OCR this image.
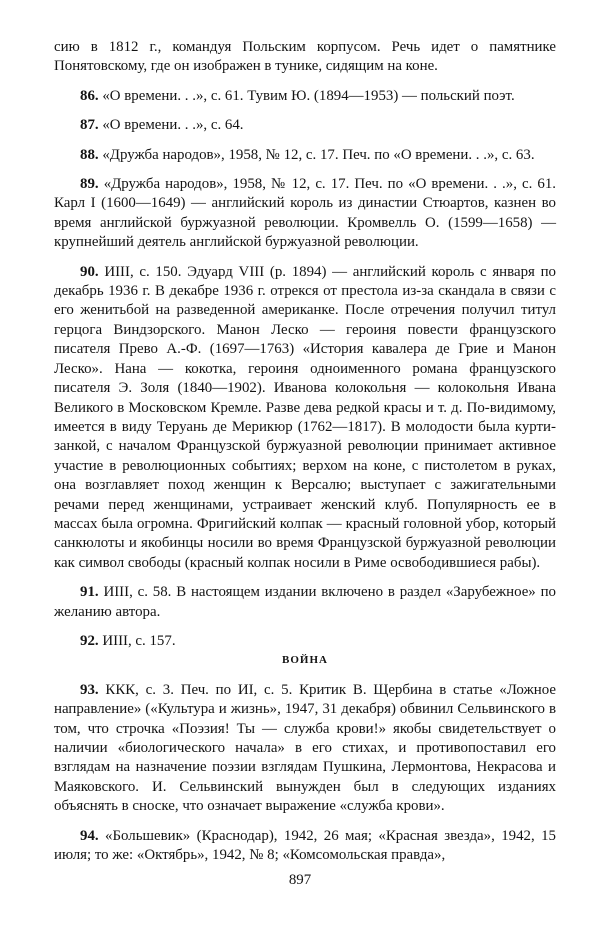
сию в 1812 г., командуя Польским корпусом. Речь идет о памятнике Понятовскому, где он изображен в тунике, сидящим на коне.

86. «О времени. . .», с. 61. Тувим Ю. (1894—1953) — польский поэт.

87. «О времени. . .», с. 64.

88. «Дружба народов», 1958, № 12, с. 17. Печ. по «О времени. . .», с. 63.

89. «Дружба народов», 1958, № 12, с. 17. Печ. по «О времени. . .», с. 61. Карл I (1600—1649) — английский король из династии Стюартов, казнен во время английской буржуазной революции. Кромвелль О. (1599—1658) — крупнейший деятель английской буржуазной революции.

90. ИIII, с. 150. Эдуард VIII (р. 1894) — английский король с января по декабрь 1936 г. В декабре 1936 г. отрекся от престола из-за скандала в связи с его женитьбой на разведенной американке. После отречения получил титул герцога Виндзорского. Манон Леско — героиня повести французского писателя Прево А.-Ф. (1697—1763) «История кавалера де Грие и Манон Леско». Нана — кокотка, героиня одноименного романа французского писателя Э. Золя (1840—1902). Иванова колокольня — колокольня Ивана Великого в Московском Кремле. Разве дева редкой красы и т. д. По-видимому, имеется в виду Теруань де Мерикюр (1762—1817). В молодости была куртизанкой, с началом Французской буржуазной революции принимает активное участие в революционных событиях; верхом на коне, с пистолетом в руках, она возглавляет поход женщин к Версалю; выступает с зажигательными речами перед женщинами, устраивает женский клуб. Популярность ее в массах была огромна. Фригийский колпак — красный головной убор, который санкюлоты и якобинцы носили во время Французской буржуазной революции как символ свободы (красный колпак носили в Риме освободившиеся рабы).

91. ИIII, с. 58. В настоящем издании включено в раздел «Зарубежное» по желанию автора.

92. ИIII, с. 157.

ВОЙНА

93. ККК, с. 3. Печ. по ИI, с. 5. Критик В. Щербина в статье «Ложное направление» («Культура и жизнь», 1947, 31 декабря) обвинил Сельвинского в том, что строчка «Поэзия! Ты — служба крови!» якобы свидетельствует о наличии «биологического начала» в его стихах, и противопоставил его взглядам на назначение поэзии взглядам Пушкина, Лермонтова, Некрасова и Маяковского. И. Сельвинский вынужден был в следующих изданиях объяснять в сноске, что означает выражение «служба крови».

94. «Большевик» (Краснодар), 1942, 26 мая; «Красная звезда», 1942, 15 июля; то же: «Октябрь», 1942, № 8; «Комсомольская правда»,

897
